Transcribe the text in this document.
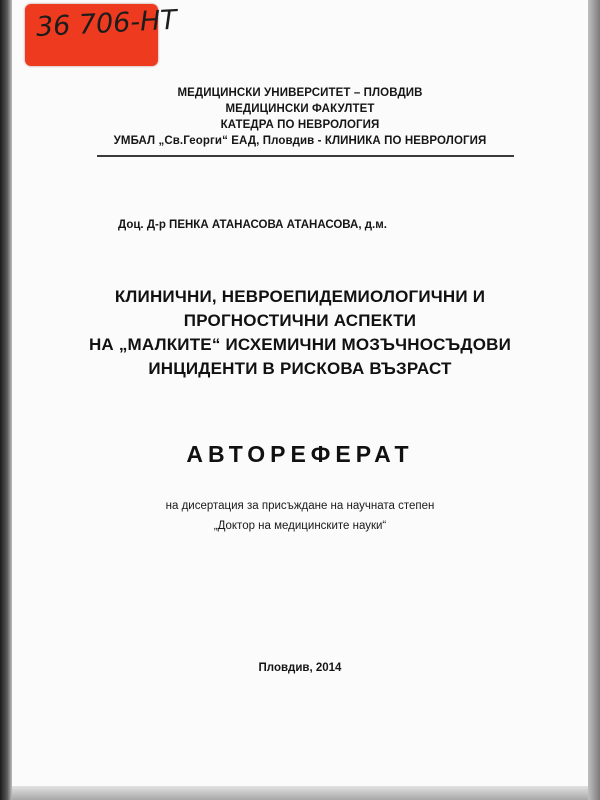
36 706-НТ
МЕДИЦИНСКИ УНИВЕРСИТЕТ – ПЛОВДИВ
МЕДИЦИНСКИ ФАКУЛТЕТ
КАТЕДРА ПО НЕВРОЛОГИЯ
УМБАЛ „Св.Георги“ ЕАД, Пловдив - КЛИНИКА ПО НЕВРОЛОГИЯ
Доц. Д-р ПЕНКА АТАНАСОВА АТАНАСОВА, д.м.
КЛИНИЧНИ, НЕВРОЕПИДЕМИОЛОГИЧНИ И
ПРОГНОСТИЧНИ АСПЕКТИ
НА „МАЛКИТЕ“ ИСХЕМИЧНИ МОЗЪЧНОСЪДОВИ
ИНЦИДЕНТИ В РИСКОВА ВЪЗРАСТ
АВТОРЕФЕРАТ
на дисертация за присъждане на научната степен
„Доктор на медицинските науки“
Пловдив, 2014
